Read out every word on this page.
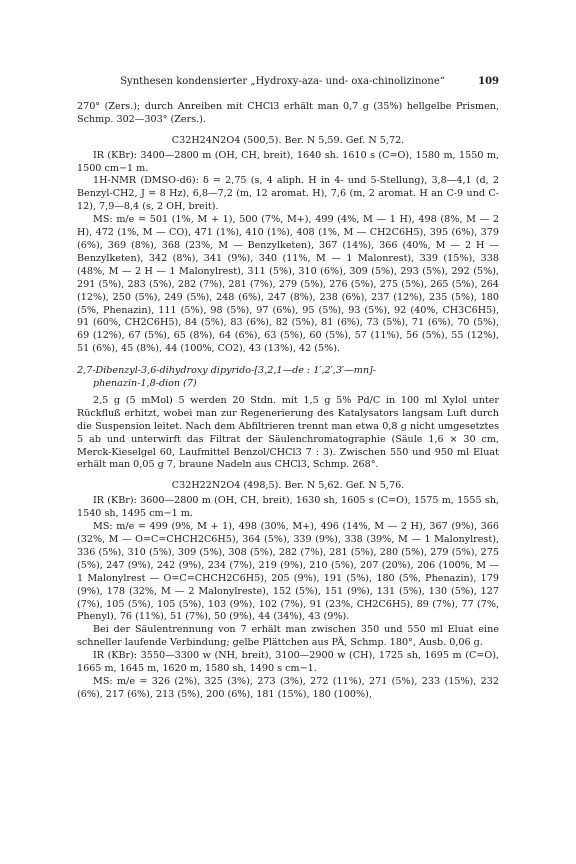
Synthesen kondensierter „Hydroxy-aza- und- oxa-chinolizinone“	109

270° (Zers.); durch Anreiben mit CHCl3 erhält man 0,7 g (35%) hellgelbe Prismen, Schmp. 302—303° (Zers.).

C32H24N2O4 (500,5). Ber. N 5,59. Gef. N 5,72.

IR (KBr): 3400—2800 m (OH, CH, breit), 1640 sh. 1610 s (C=O), 1580 m, 1550 m, 1500 cm−1 m.

1H-NMR (DMSO-d6): δ = 2,75 (s, 4 aliph. H in 4- und 5-Stellung), 3,8—4,1 (d, 2 Benzyl-CH2, J = 8 Hz), 6,8—7,2 (m, 12 aromat. H), 7,6 (m, 2 aromat. H an C-9 und C-12), 7,9—8,4 (s, 2 OH, breit).

MS: m/e = 501 (1%, M + 1), 500 (7%, M+), 499 (4%, M — 1 H), 498 (8%, M — 2 H), 472 (1%, M — CO), 471 (1%), 410 (1%), 408 (1%, M — CH2C6H5), 395 (6%), 379 (6%), 369 (8%), 368 (23%, M — Benzylketen), 367 (14%), 366 (40%, M — 2 H — Benzylketen), 342 (8%), 341 (9%), 340 (11%, M — 1 Malonrest), 339 (15%), 338 (48%, M — 2 H — 1 Malonylrest), 311 (5%), 310 (6%), 309 (5%), 293 (5%), 292 (5%), 291 (5%), 283 (5%), 282 (7%), 281 (7%), 279 (5%), 276 (5%), 275 (5%), 265 (5%), 264 (12%), 250 (5%), 249 (5%), 248 (6%), 247 (8%), 238 (6%), 237 (12%), 235 (5%), 180 (5%, Phenazin), 111 (5%), 98 (5%), 97 (6%), 95 (5%), 93 (5%), 92 (40%, CH3C6H5), 91 (60%, CH2C6H5), 84 (5%), 83 (6%), 82 (5%), 81 (6%), 73 (5%), 71 (6%), 70 (5%), 69 (12%), 67 (5%), 65 (8%), 64 (6%), 63 (5%), 60 (5%), 57 (11%), 56 (5%), 55 (12%), 51 (6%), 45 (8%), 44 (100%, CO2), 43 (13%), 42 (5%).

2,7-Dibenzyl-3,6-dihydroxy dipyrido-[3,2,1—de : 1′,2′,3′—mn]-

phenazin-1,8-dion (7)

2,5 g (5 mMol) 5 werden 20 Stdn. mit 1,5 g 5% Pd/C in 100 ml Xylol unter Rückfluß erhitzt, wobei man zur Regenerierung des Katalysators langsam Luft durch die Suspension leitet. Nach dem Abfiltrieren trennt man etwa 0,8 g nicht umgesetztes 5 ab und unterwirft das Filtrat der Säulenchromatographie (Säule 1,6 × 30 cm, Merck-Kieselgel 60, Laufmittel Benzol/CHCl3 7 : 3). Zwischen 550 und 950 ml Eluat erhält man 0,05 g 7, braune Nadeln aus CHCl3, Schmp. 268°.

C32H22N2O4 (498,5). Ber. N 5,62. Gef. N 5,76.

IR (KBr): 3600—2800 m (OH, CH, breit), 1630 sh, 1605 s (C=O), 1575 m, 1555 sh, 1540 sh, 1495 cm−1 m.

MS: m/e = 499 (9%, M + 1), 498 (30%, M+), 496 (14%, M — 2 H), 367 (9%), 366 (32%, M — O=C=CHCH2C6H5), 364 (5%), 339 (9%), 338 (39%, M — 1 Malonylrest), 336 (5%), 310 (5%), 309 (5%), 308 (5%), 282 (7%), 281 (5%), 280 (5%), 279 (5%), 275 (5%), 247 (9%), 242 (9%), 234 (7%), 219 (9%), 210 (5%), 207 (20%), 206 (100%, M — 1 Malonylrest — O=C=CHCH2C6H5), 205 (9%), 191 (5%), 180 (5%, Phenazin), 179 (9%), 178 (32%, M — 2 Malonylreste), 152 (5%), 151 (9%), 131 (5%), 130 (5%), 127 (7%), 105 (5%), 105 (5%), 103 (9%), 102 (7%), 91 (23%, CH2C6H5), 89 (7%), 77 (7%, Phenyl), 76 (11%), 51 (7%), 50 (9%), 44 (34%), 43 (9%).

Bei der Säulentrennung von 7 erhält man zwischen 350 und 550 ml Eluat eine schneller laufende Verbindung; gelbe Plättchen aus PÄ, Schmp. 180°, Ausb. 0,06 g.

IR (KBr): 3550—3300 w (NH, breit), 3100—2900 w (CH), 1725 sh, 1695 m (C=O), 1665 m, 1645 m, 1620 m, 1580 sh, 1490 s cm−1.

MS: m/e = 326 (2%), 325 (3%), 273 (3%), 272 (11%), 271 (5%), 233 (15%), 232 (6%), 217 (6%), 213 (5%), 200 (6%), 181 (15%), 180 (100%),
